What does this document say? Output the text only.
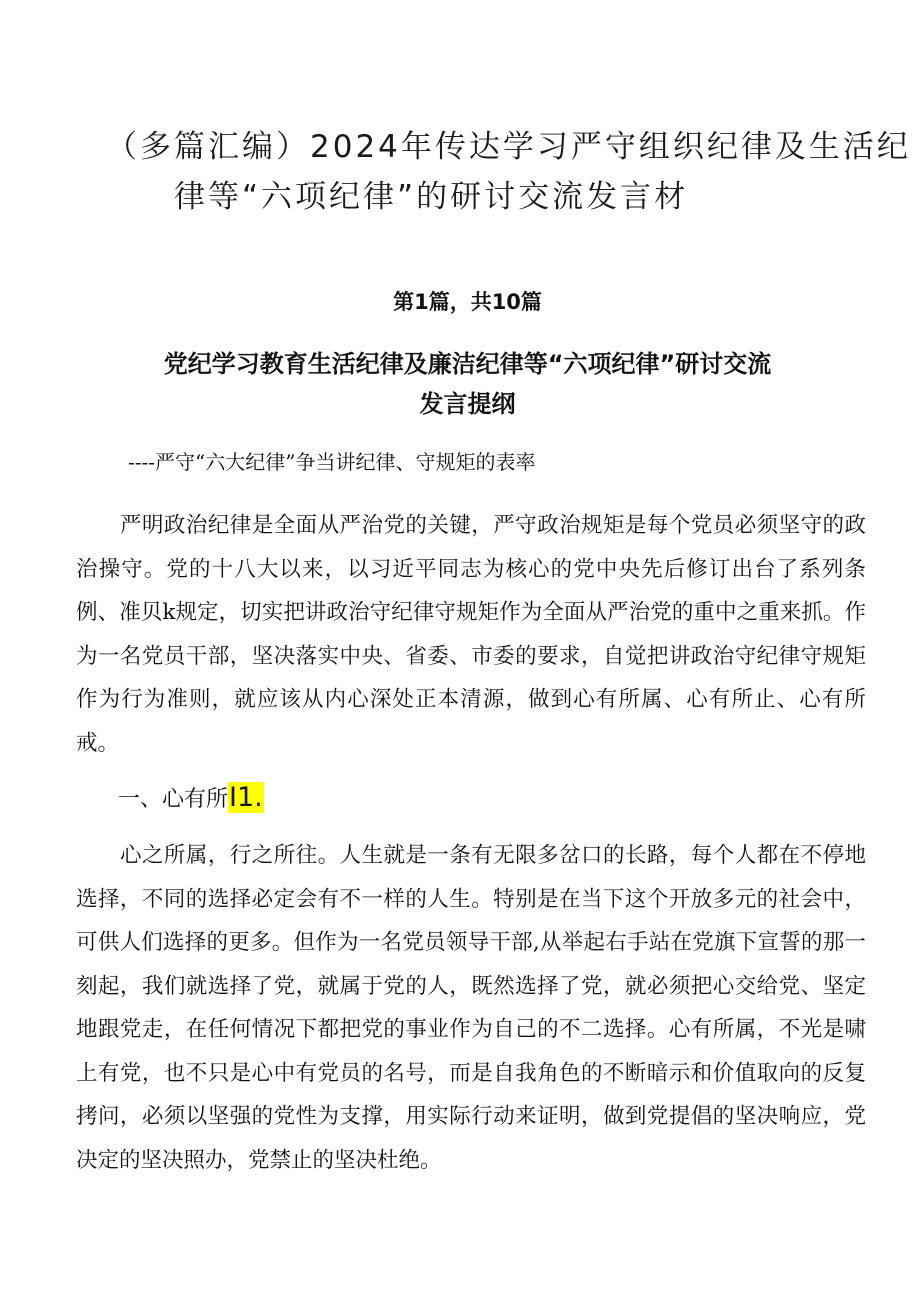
（多篇汇编）2024年传达学习严守组织纪律及生活纪
律等“六项纪律”的研讨交流发言材
第1篇，共10篇
党纪学习教育生活纪律及廉洁纪律等“六项纪律”研讨交流
发言提纲
----严守“六大纪律”争当讲纪律、守规矩的表率

严明政治纪律是全面从严治党的关键，严守政治规矩是每个党员必须坚守的政治操守。党的十八大以来，以习近平同志为核心的党中央先后修订出台了系列条例、准贝k规定，切实把讲政治守纪律守规矩作为全面从严治党的重中之重来抓。作为一名党员干部，坚决落实中央、省委、市委的要求，自觉把讲政治守纪律守规矩作为行为准则，就应该从内心深处正本清源，做到心有所属、心有所止、心有所戒。

一、心有所I1.

心之所属，行之所往。人生就是一条有无限多岔口的长路，每个人都在不停地选择，不同的选择必定会有不一样的人生。特别是在当下这个开放多元的社会中，可供人们选择的更多。但作为一名党员领导干部,从举起右手站在党旗下宣誓的那一刻起，我们就选择了党，就属于党的人，既然选择了党，就必须把心交给党、坚定地跟党走，在任何情况下都把党的事业作为自己的不二选择。心有所属，不光是啸上有党，也不只是心中有党员的名号，而是自我角色的不断暗示和价值取向的反复拷问，必须以坚强的党性为支撑，用实际行动来证明，做到党提倡的坚决响应，党决定的坚决照办，党禁止的坚决杜绝。
